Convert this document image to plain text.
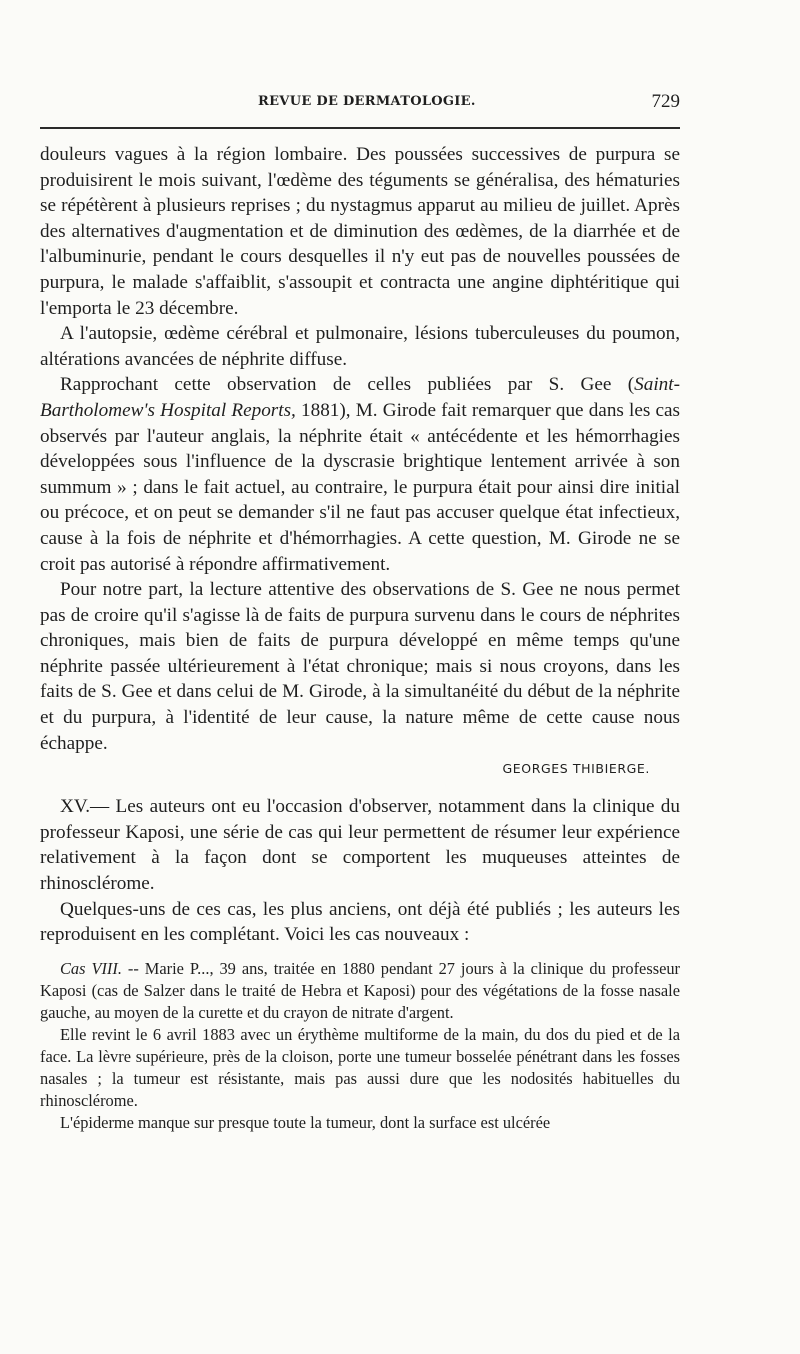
REVUE DE DERMATOLOGIE.	729

douleurs vagues à la région lombaire. Des poussées successives de purpura se produisirent le mois suivant, l'œdème des téguments se généralisa, des hématuries se répétèrent à plusieurs reprises ; du nystagmus apparut au milieu de juillet. Après des alternatives d'augmentation et de diminution des œdèmes, de la diarrhée et de l'albuminurie, pendant le cours desquelles il n'y eut pas de nouvelles poussées de purpura, le malade s'affaiblit, s'assoupit et contracta une angine diphtéritique qui l'emporta le 23 décembre.

A l'autopsie, œdème cérébral et pulmonaire, lésions tuberculeuses du poumon, altérations avancées de néphrite diffuse.

Rapprochant cette observation de celles publiées par S. Gee (Saint-Bartholomew's Hospital Reports, 1881), M. Girode fait remarquer que dans les cas observés par l'auteur anglais, la néphrite était « antécédente et les hémorrhagies développées sous l'influence de la dyscrasie brightique lentement arrivée à son summum » ; dans le fait actuel, au contraire, le purpura était pour ainsi dire initial ou précoce, et on peut se demander s'il ne faut pas accuser quelque état infectieux, cause à la fois de néphrite et d'hémorrhagies. A cette question, M. Girode ne se croit pas autorisé à répondre affirmativement.

Pour notre part, la lecture attentive des observations de S. Gee ne nous permet pas de croire qu'il s'agisse là de faits de purpura survenu dans le cours de néphrites chroniques, mais bien de faits de purpura développé en même temps qu'une néphrite passée ultérieurement à l'état chronique; mais si nous croyons, dans les faits de S. Gee et dans celui de M. Girode, à la simultanéité du début de la néphrite et du purpura, à l'identité de leur cause, la nature même de cette cause nous échappe.

GEORGES THIBIERGE.

XV.— Les auteurs ont eu l'occasion d'observer, notamment dans la clinique du professeur Kaposi, une série de cas qui leur permettent de résumer leur expérience relativement à la façon dont se comportent les muqueuses atteintes de rhinosclérome.

Quelques-uns de ces cas, les plus anciens, ont déjà été publiés ; les auteurs les reproduisent en les complétant. Voici les cas nouveaux :

Cas VIII. -- Marie P..., 39 ans, traitée en 1880 pendant 27 jours à la clinique du professeur Kaposi (cas de Salzer dans le traité de Hebra et Kaposi) pour des végétations de la fosse nasale gauche, au moyen de la curette et du crayon de nitrate d'argent.

Elle revint le 6 avril 1883 avec un érythème multiforme de la main, du dos du pied et de la face. La lèvre supérieure, près de la cloison, porte une tumeur bosselée pénétrant dans les fosses nasales ; la tumeur est résistante, mais pas aussi dure que les nodosités habituelles du rhinosclérome.

L'épiderme manque sur presque toute la tumeur, dont la surface est ulcérée
